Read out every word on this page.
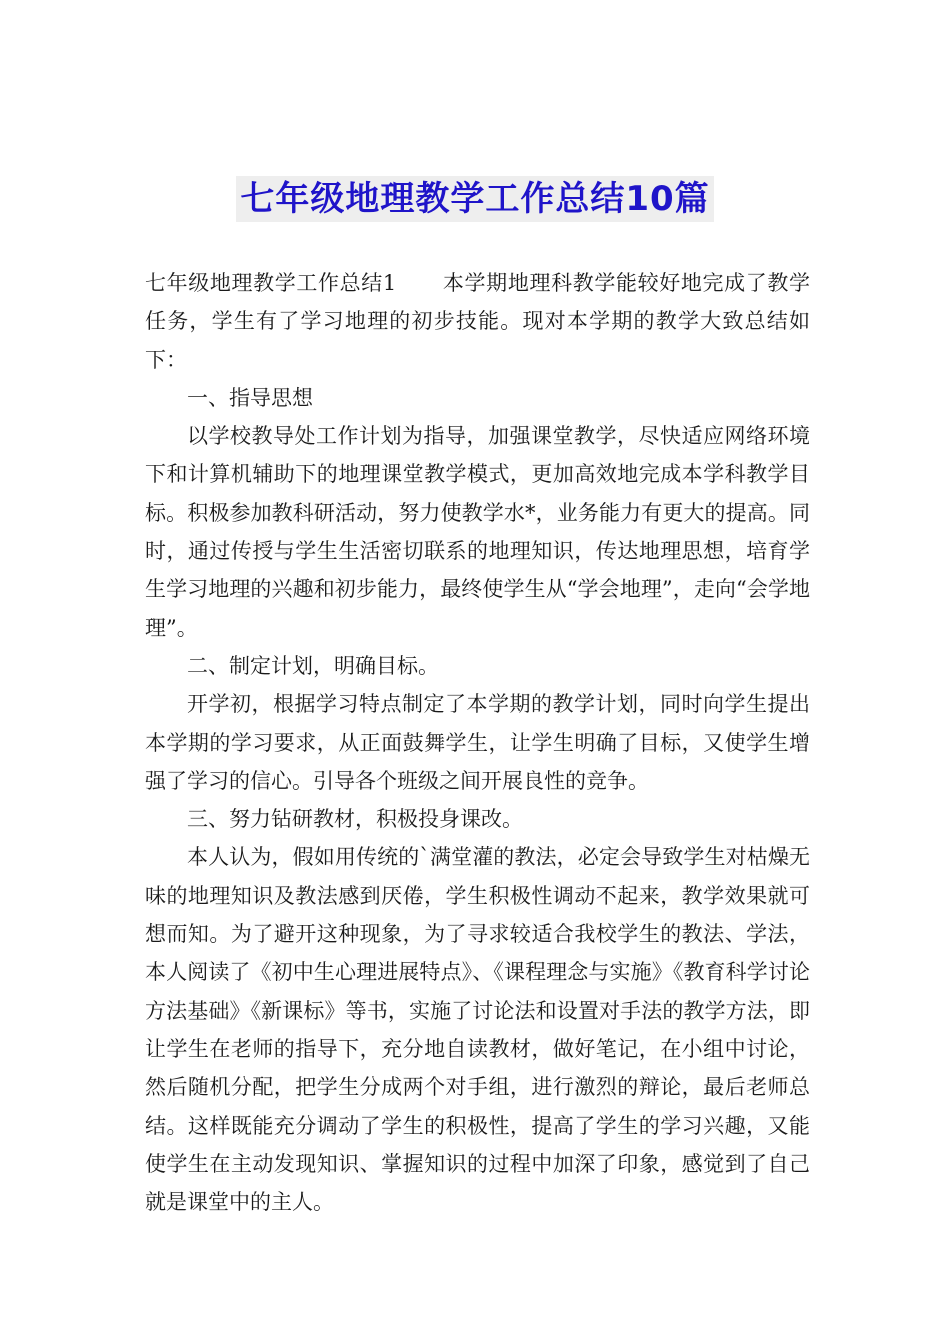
七年级地理教学工作总结10篇

七年级地理教学工作总结1 本学期地理科教学能较好地完成了教学任务，学生有了学习地理的初步技能。现对本学期的教学大致总结如下：

一、指导思想

以学校教导处工作计划为指导，加强课堂教学，尽快适应网络环境下和计算机辅助下的地理课堂教学模式，更加高效地完成本学科教学目标。积极参加教科研活动，努力使教学水*，业务能力有更大的提高。同时，通过传授与学生生活密切联系的地理知识，传达地理思想，培育学生学习地理的兴趣和初步能力，最终使学生从“学会地理”，走向“会学地理”。

二、制定计划，明确目标。

开学初，根据学习特点制定了本学期的教学计划，同时向学生提出本学期的学习要求，从正面鼓舞学生，让学生明确了目标，又使学生增强了学习的信心。引导各个班级之间开展良性的竞争。

三、努力钻研教材，积极投身课改。

本人认为，假如用传统的`满堂灌的教法，必定会导致学生对枯燥无味的地理知识及教法感到厌倦，学生积极性调动不起来，教学效果就可想而知。为了避开这种现象，为了寻求较适合我校学生的教法、学法，本人阅读了《初中生心理进展特点》、《课程理念与实施》《教育科学讨论方法基础》《新课标》等书，实施了讨论法和设置对手法的教学方法，即让学生在老师的指导下，充分地自读教材，做好笔记，在小组中讨论，然后随机分配，把学生分成两个对手组，进行激烈的辩论，最后老师总结。这样既能充分调动了学生的积极性，提高了学生的学习兴趣，又能使学生在主动发现知识、掌握知识的过程中加深了印象，感觉到了自己就是课堂中的主人。
